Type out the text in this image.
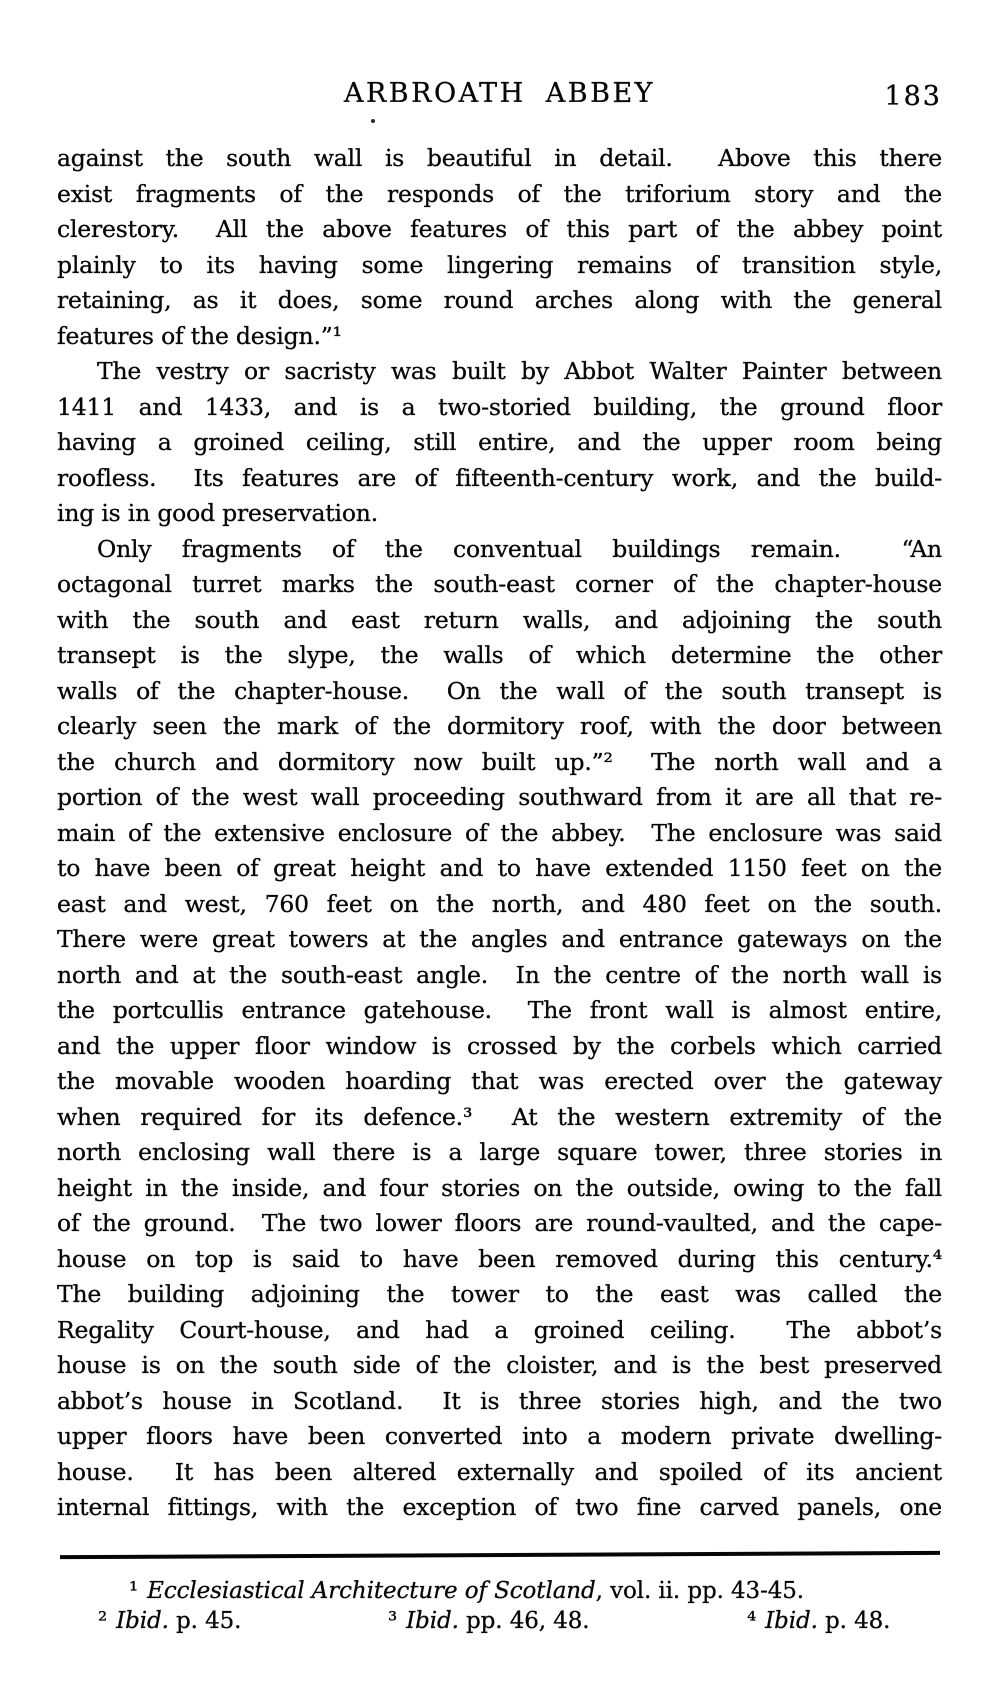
ARBROATH ABBEY	183
against the south wall is beautiful in detail.  Above this there
exist fragments of the responds of the triforium story and the
clerestory.  All the above features of this part of the abbey point
plainly to its having some lingering remains of transition style,
retaining, as it does, some round arches along with the general
features of the design.”¹
The vestry or sacristy was built by Abbot Walter Painter between
1411 and 1433, and is a two-storied building, the ground floor
having a groined ceiling, still entire, and the upper room being
roofless.  Its features are of fifteenth-century work, and the build-
ing is in good preservation.
Only fragments of the conventual buildings remain.  “An
octagonal turret marks the south-east corner of the chapter-house
with the south and east return walls, and adjoining the south
transept is the slype, the walls of which determine the other
walls of the chapter-house.  On the wall of the south transept is
clearly seen the mark of the dormitory roof, with the door between
the church and dormitory now built up.”²  The north wall and a
portion of the west wall proceeding southward from it are all that re-
main of the extensive enclosure of the abbey.  The enclosure was said
to have been of great height and to have extended 1150 feet on the
east and west, 760 feet on the north, and 480 feet on the south.
There were great towers at the angles and entrance gateways on the
north and at the south-east angle.  In the centre of the north wall is
the portcullis entrance gatehouse.  The front wall is almost entire,
and the upper floor window is crossed by the corbels which carried
the movable wooden hoarding that was erected over the gateway
when required for its defence.³  At the western extremity of the
north enclosing wall there is a large square tower, three stories in
height in the inside, and four stories on the outside, owing to the fall
of the ground.  The two lower floors are round-vaulted, and the cape-
house on top is said to have been removed during this century.⁴
The building adjoining the tower to the east was called the
Regality Court-house, and had a groined ceiling.  The abbot’s
house is on the south side of the cloister, and is the best preserved
abbot’s house in Scotland.  It is three stories high, and the two
upper floors have been converted into a modern private dwelling-
house.  It has been altered externally and spoiled of its ancient
internal fittings, with the exception of two fine carved panels, one
¹ Ecclesiastical Architecture of Scotland, vol. ii. pp. 43-45.
² Ibid. p. 45.	³ Ibid. pp. 46, 48.	⁴ Ibid. p. 48.
